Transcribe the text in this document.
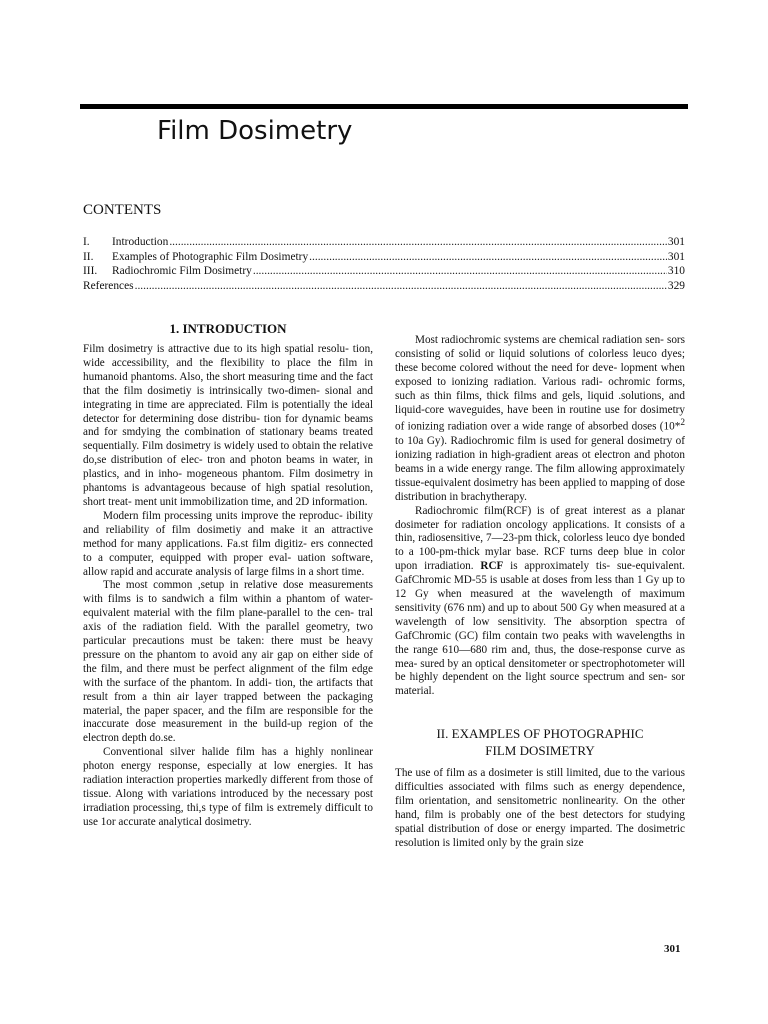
Film Dosimetry
CONTENTS
I.	Introduction .....	301
II.	Examples of Photographic Film Dosimetry .....	301
III.	Radiochromic Film Dosimetry .....	310
References .....	329
1. INTRODUCTION

Film dosimetry is attractive due to its high spatial resolu- tion, wide accessibility, and the flexibility to place the film in humanoid phantoms. Also, the short measuring time and the fact that the film dosimetiy is intrinsically two-dimen- sional and integrating in time are appreciated. Film is potentially the ideal detector for determining dose distribu- tion for dynamic beams and for smdying the combination of stationary beams treated sequentially. Film dosimetry is widely used to obtain the relative do,se distribution of elec- tron and photon beams in water, in plastics, and in inho- mogeneous phantom. Film dosimetry in phantoms is advantageous because of high spatial resolution, short treat- ment unit immobilization time, and 2D information.

Modern film processing units improve the reproduc- ibility and reliability of film dosimetiy and make it an attractive method for many applications. Fa.st film digitiz- ers connected to a computer, equipped with proper eval- uation software, allow rapid and accurate analysis of large films in a short time.

The most common ,setup in relative dose measurements with films is to sandwich a film within a phantom of water- equivalent material with the film plane-parallel to the cen- tral axis of the radiation field. With the parallel geometry, two particular precautions must be taken: there must be heavy pressure on the phantom to avoid any air gap on either side of the film, and there must be perfect alignment of the film edge with the surface of the phantom. In addi- tion, the artifacts that result from a thin air layer trapped between the packaging material, the paper spacer, and the fiIm are responsible for the inaccurate dose measurement in the build-up region of the electron depth do.se.

Conventional silver halide film has a highly nonlinear photon energy response, especially at low energies. It has radiation interaction properties markedly different from those of tissue. Along with variations introduced by the necessary post irradiation processing, thi,s type of film is extremely difficult to use 1or accurate analytical dosimetry.

Most radiochromic systems are chemical radiation sen- sors consisting of solid or liquid solutions of colorless leuco dyes; these become colored without the need for deve- lopment when exposed to ionizing radiation. Various radi- ochromic forms, such as thin films, thick films and gels, liquid .solutions, and liquid-core waveguides, have been in routine use for dosimetry of ionizing radiation over a wide range of absorbed doses (10*$^2$ to 10a Gy). Radiochromic film is used for general dosimetry of ionizing radiation in high-gradient areas ot electron and photon beams in a wide energy range. The film allowing approximately tissue-equivalent dosimetry has been applied to mapping of dose distribution in brachytherapy.

Radiochromic film(RCF) is of great interest as a planar dosimeter for radiation oncology applications. It consists of a thin, radiosensitive, 7—23-pm thick, colorless leuco dye bonded to a 100-pm-thick mylar base. RCF turns deep blue in color upon irradiation. RCF is approximately tis- sue-equivalent. GafChromic MD-55 is usable at doses from less than 1 Gy up to 12 Gy when measured at the wavelength of maximum sensitivity (676 nm) and up to about 500 Gy when measured at a wavelength of low sensitivity. The absorption spectra of GafChromic (GC) film contain two peaks with wavelengths in the range 610—680 rim and, thus, the dose-response curve as mea- sured by an optical densitometer or spectrophotometer will be highly dependent on the light source spectrum and sen- sor material.

II. EXAMPLES OF PHOTOGRAPHIC
FILM DOSIMETRY

The use of film as a dosimeter is still limited, due to the various difficulties associated with films such as energy dependence, film orientation, and sensitometric nonlinearity. On the other hand, film is probably one of the best detectors for studying spatial distribution of dose or energy imparted. The dosimetric resolution is limited only by the grain size

301
